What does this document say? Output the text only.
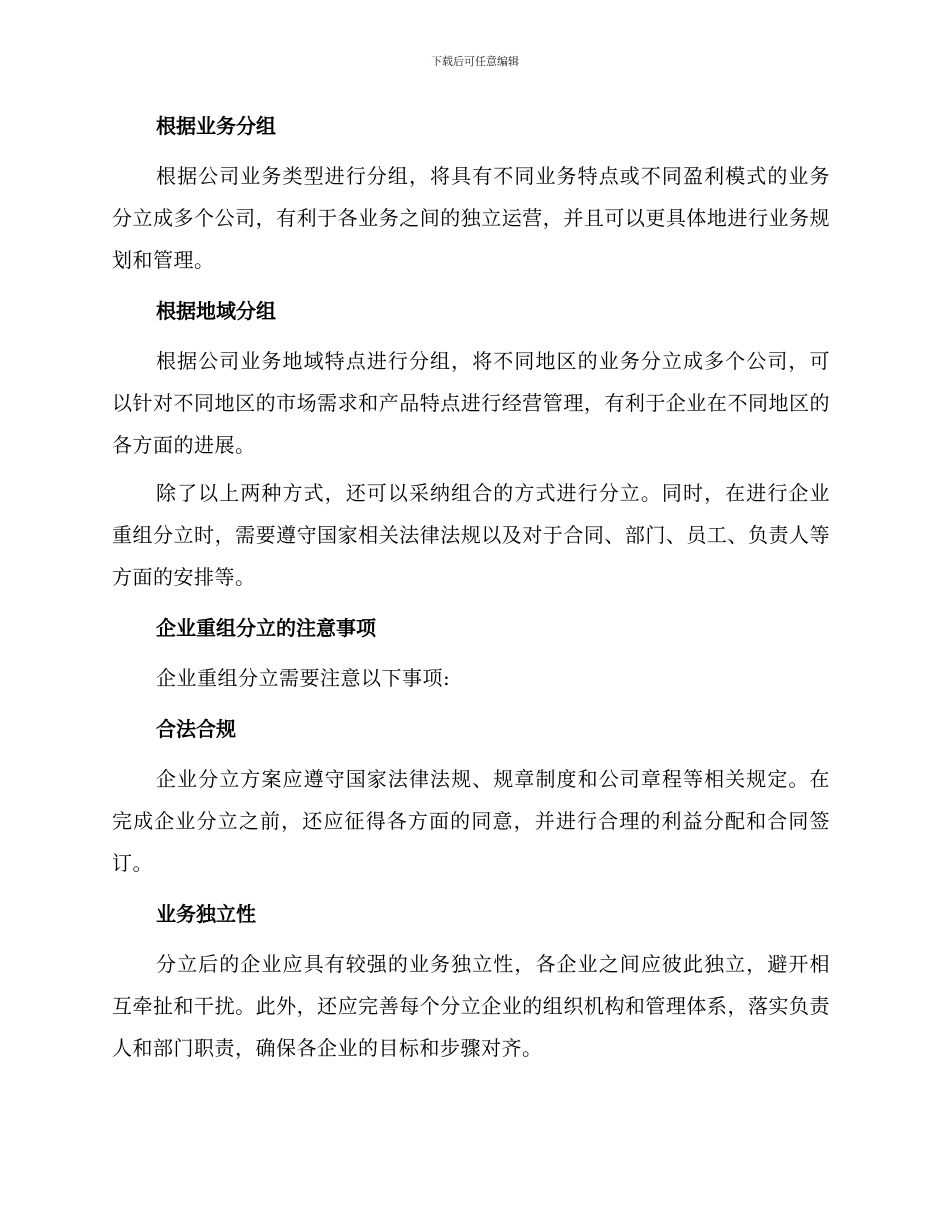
下载后可任意编辑
根据业务分组

根据公司业务类型进行分组，将具有不同业务特点或不同盈利模式的业务分立成多个公司，有利于各业务之间的独立运营，并且可以更具体地进行业务规划和管理。

根据地域分组

根据公司业务地域特点进行分组，将不同地区的业务分立成多个公司，可以针对不同地区的市场需求和产品特点进行经营管理，有利于企业在不同地区的各方面的进展。

除了以上两种方式，还可以采纳组合的方式进行分立。同时，在进行企业重组分立时，需要遵守国家相关法律法规以及对于合同、部门、员工、负责人等方面的安排等。

企业重组分立的注意事项

企业重组分立需要注意以下事项:

合法合规

企业分立方案应遵守国家法律法规、规章制度和公司章程等相关规定。在完成企业分立之前，还应征得各方面的同意，并进行合理的利益分配和合同签订。

业务独立性

分立后的企业应具有较强的业务独立性，各企业之间应彼此独立，避开相互牵扯和干扰。此外，还应完善每个分立企业的组织机构和管理体系，落实负责人和部门职责，确保各企业的目标和步骤对齐。
